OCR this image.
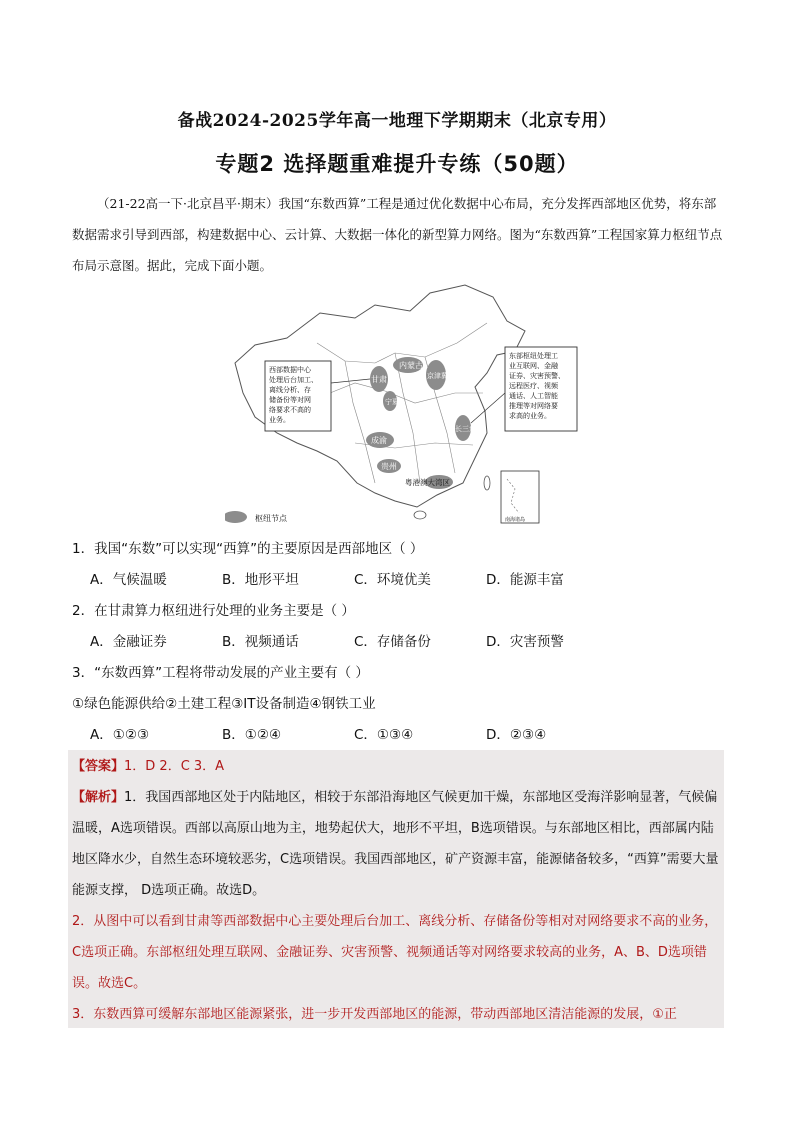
备战2024-2025学年高一地理下学期期末（北京专用）
专题2 选择题重难提升专练（50题）
（21-22高一下·北京昌平·期末）我国“东数西算”工程是通过优化数据中心布局，充分发挥西部地区优势，将东部数据需求引导到西部，构建数据中心、云计算、大数据一体化的新型算力网络。图为“东数西算”工程国家算力枢纽节点布局示意图。据此，完成下面小题。
内蒙古
甘肃
宁夏
京津冀
长三角
成渝
贵州
粤港澳大湾区
西部数据中心
处理后台加工、
离线分析、存
储备份等对网
络要求不高的
业务。
东部枢纽处理工
业互联网、金融
证券、灾害预警、
远程医疗、视频
通话、人工智能
推理等对网络要
求高的业务。
南海诸岛
枢纽节点
1．我国“东数”可以实现“西算”的主要原因是西部地区（ ）
A．气候温暖	B．地形平坦	C．环境优美	D．能源丰富
2．在甘肃算力枢纽进行处理的业务主要是（ ）
A．金融证券	B．视频通话	C．存储备份	D．灾害预警
3．“东数西算”工程将带动发展的产业主要有（ ）
①绿色能源供给②土建工程③IT设备制造④钢铁工业
A．①②③	B．①②④	C．①③④	D．②③④

【答案】1．D 2．C 3．A

【解析】1．我国西部地区处于内陆地区，相较于东部沿海地区气候更加干燥，东部地区受海洋影响显著，气候偏温暖，A选项错误。西部以高原山地为主，地势起伏大，地形不平坦，B选项错误。与东部地区相比，西部属内陆地区降水少，自然生态环境较恶劣，C选项错误。我国西部地区，矿产资源丰富，能源储备较多，“西算”需要大量能源支撑， D选项正确。故选D。

2．从图中可以看到甘肃等西部数据中心主要处理后台加工、离线分析、存储备份等相对对网络要求不高的业务， C选项正确。东部枢纽处理互联网、金融证券、灾害预警、视频通话等对网络要求较高的业务，A、B、D选项错误。故选C。

3．东数西算可缓解东部地区能源紧张，进一步开发西部地区的能源，带动西部地区清洁能源的发展，①正
